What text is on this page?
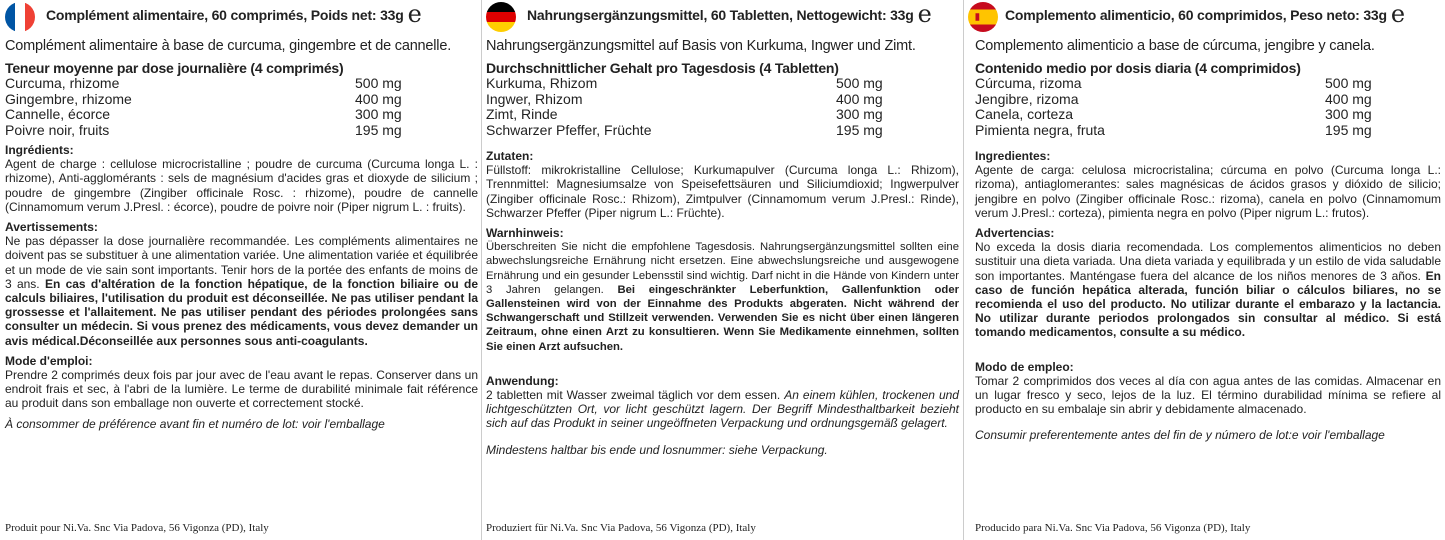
Complément alimentaire, 60 comprimés, Poids net: 33g e

Complément alimentaire à base de curcuma, gingembre et de cannelle.

Teneur moyenne par dose journalière (4 comprimés)

Curcuma, rhizome	500 mg
Gingembre, rhizome	400 mg
Cannelle, écorce	300 mg
Poivre noir, fruits	195 mg

Ingrédients:

Agent de charge : cellulose microcristalline ; poudre de curcuma (Curcuma longa L. : rhizome), Anti-agglomérants : sels de magnésium d'acides gras et dioxyde de silicium ; poudre de gingembre (Zingiber officinale Rosc. : rhizome), poudre de cannelle (Cinnamomum verum J.Presl. : écorce), poudre de poivre noir (Piper nigrum L. : fruits).

Avertissements:

Ne pas dépasser la dose journalière recommandée. Les compléments alimentaires ne doivent pas se substituer à une alimentation variée. Une alimentation variée et équilibrée et un mode de vie sain sont importants. Tenir hors de la portée des enfants de moins de 3 ans. En cas d'altération de la fonction hépatique, de la fonction biliaire ou de calculs biliaires, l'utilisation du produit est déconseillée. Ne pas utiliser pendant la grossesse et l'allaitement. Ne pas utiliser pendant des périodes prolongées sans consulter un médecin. Si vous prenez des médicaments, vous devez demander un avis médical.Déconseillée aux personnes sous anti-coagulants.

Mode d'emploi:

Prendre 2 comprimés deux fois par jour avec de l'eau avant le repas. Conserver dans un endroit frais et sec, à l'abri de la lumière. Le terme de durabilité minimale fait référence au produit dans son emballage non ouverte et correctement stocké.

À consommer de préférence avant fin et numéro de lot: voir l'emballage

Produit pour Ni.Va. Snc Via Padova, 56 Vigonza (PD), Italy
Nahrungsergänzungsmittel, 60 Tabletten, Nettogewicht: 33g e

Nahrungsergänzungsmittel auf Basis von Kurkuma, Ingwer und Zimt.

Durchschnittlicher Gehalt pro Tagesdosis (4 Tabletten)

Kurkuma, Rhizom	500 mg
Ingwer, Rhizom	400 mg
Zimt, Rinde	300 mg
Schwarzer Pfeffer, Früchte	195 mg

Zutaten:

Füllstoff: mikrokristalline Cellulose; Kurkumapulver (Curcuma longa L.: Rhizom), Trennmittel: Magnesiumsalze von Speisefettsäuren und Siliciumdioxid; Ingwerpulver (Zingiber officinale Rosc.: Rhizom), Zimtpulver (Cinnamomum verum J.Presl.: Rinde), Schwarzer Pfeffer (Piper nigrum L.: Früchte).

Warnhinweis:

Überschreiten Sie nicht die empfohlene Tagesdosis. Nahrungsergänzungsmittel sollten eine abwechslungsreiche Ernährung nicht ersetzen. Eine abwechslungsreiche und ausgewogene Ernährung und ein gesunder Lebensstil sind wichtig. Darf nicht in die Hände von Kindern unter 3 Jahren gelangen. Bei eingeschränkter Leberfunktion, Gallenfunktion oder Gallensteinen wird von der Einnahme des Produkts abgeraten. Nicht während der Schwangerschaft und Stillzeit verwenden. Verwenden Sie es nicht über einen längeren Zeitraum, ohne einen Arzt zu konsultieren. Wenn Sie Medikamente einnehmen, sollten Sie einen Arzt aufsuchen.

Anwendung:

2 tabletten mit Wasser zweimal täglich vor dem essen. An einem kühlen, trockenen und lichtgeschützten Ort, vor licht geschützt lagern. Der Begriff Mindesthaltbarkeit bezieht sich auf das Produkt in seiner ungeöffneten Verpackung und ordnungsgemäß gelagert.

Mindestens haltbar bis ende und losnummer: siehe Verpackung.

Produziert für Ni.Va. Snc Via Padova, 56 Vigonza (PD), Italy
Complemento alimenticio, 60 comprimidos, Peso neto: 33g e

Complemento alimenticio a base de cúrcuma, jengibre y canela.

Contenido medio por dosis diaria (4 comprimidos)

Cúrcuma, rizoma	500 mg
Jengibre, rizoma	400 mg
Canela, corteza	300 mg
Pimienta negra, fruta	195 mg

Ingredientes:

Agente de carga: celulosa microcristalina; cúrcuma en polvo (Curcuma longa L.: rizoma), antiaglomerantes: sales magnésicas de ácidos grasos y dióxido de silicio; jengibre en polvo (Zingiber officinale Rosc.: rizoma), canela en polvo (Cinnamomum verum J.Presl.: corteza), pimienta negra en polvo (Piper nigrum L.: frutos).

Advertencias:

No exceda la dosis diaria recomendada. Los complementos alimenticios no deben sustituir una dieta variada. Una dieta variada y equilibrada y un estilo de vida saludable son importantes. Manténgase fuera del alcance de los niños menores de 3 años. En caso de función hepática alterada, función biliar o cálculos biliares, no se recomienda el uso del producto. No utilizar durante el embarazo y la lactancia. No utilizar durante periodos prolongados sin consultar al médico. Si está tomando medicamentos, consulte a su médico.

Modo de empleo:

Tomar 2 comprimidos dos veces al día con agua antes de las comidas. Almacenar en un lugar fresco y seco, lejos de la luz. El término durabilidad mínima se refiere al producto en su embalaje sin abrir y debidamente almacenado.

Consumir preferentemente antes del fin de y número de lot:e voir l'emballage

Producido para Ni.Va. Snc Via Padova, 56 Vigonza (PD), Italy
